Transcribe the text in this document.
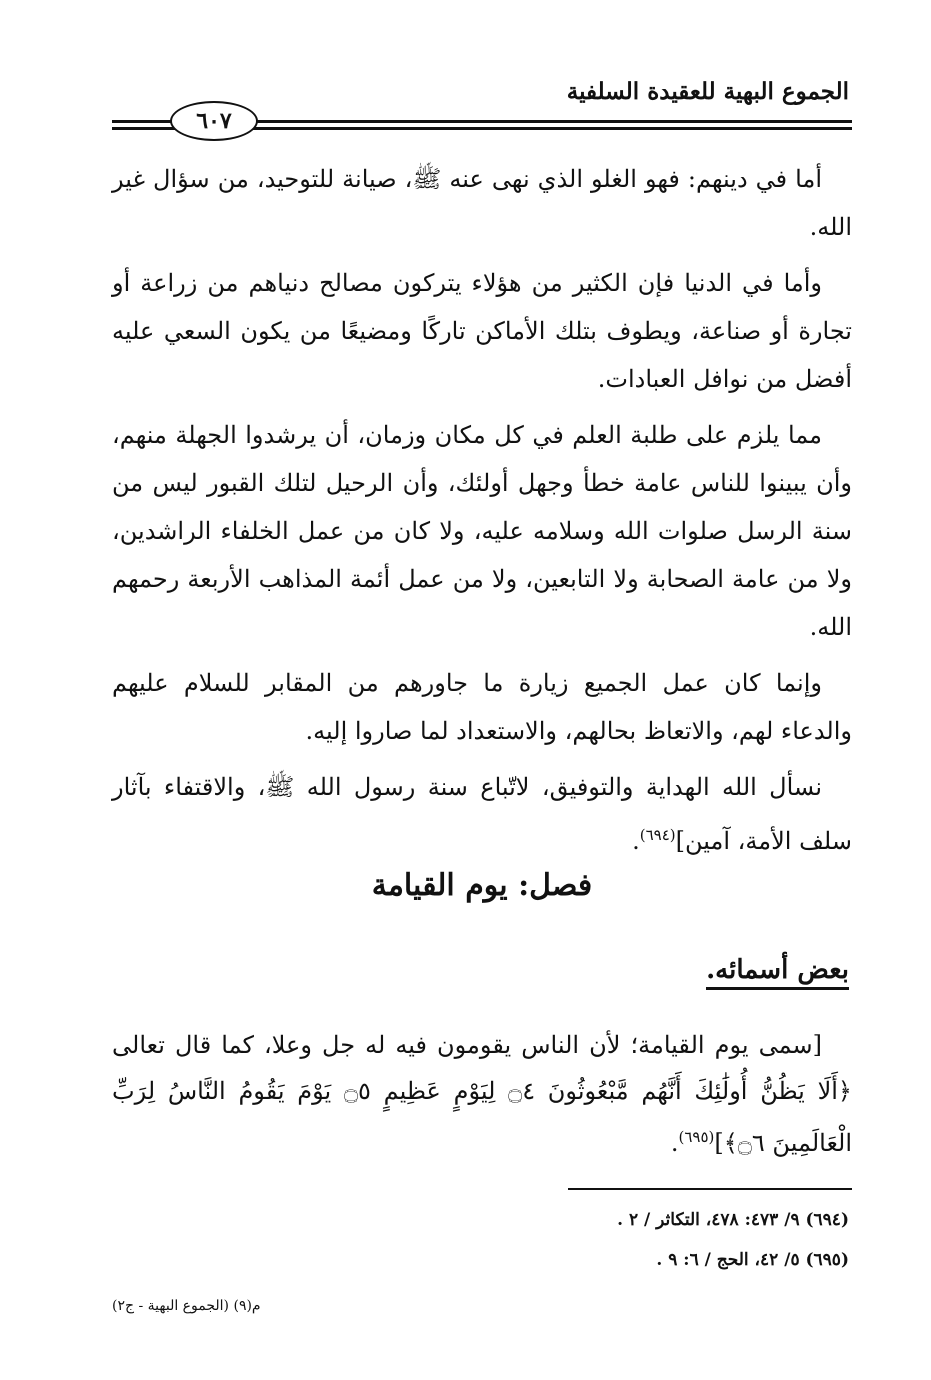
الجموع البهية للعقيدة السلفية
٦٠٧

أما في دينهم: فهو الغلو الذي نهى عنه ﷺ، صيانة للتوحيد، من سؤال غير الله.

وأما في الدنيا فإن الكثير من هؤلاء يتركون مصالح دنياهم من زراعة أو تجارة أو صناعة، ويطوف بتلك الأماكن تاركًا ومضيعًا من يكون السعي عليه أفضل من نوافل العبادات.

مما يلزم على طلبة العلم في كل مكان وزمان، أن يرشدوا الجهلة منهم، وأن يبينوا للناس عامة خطأ وجهل أولئك، وأن الرحيل لتلك القبور ليس من سنة الرسل صلوات الله وسلامه عليه، ولا كان من عمل الخلفاء الراشدين، ولا من عامة الصحابة ولا التابعين، ولا من عمل أئمة المذاهب الأربعة رحمهم الله.

وإنما كان عمل الجميع زيارة ما جاورهم من المقابر للسلام عليهم والدعاء لهم، والاتعاظ بحالهم، والاستعداد لما صاروا إليه.

نسأل الله الهداية والتوفيق، لاتّباع سنة رسول الله ﷺ، والاقتفاء بآثار سلف الأمة، آمين]$^{(٦٩٤)}$.

فصل: يوم القيامة
بعض أسمائه.

[سمى يوم القيامة؛ لأن الناس يقومون فيه له جل وعلا، كما قال تعالى ﴿أَلَا يَظُنُّ أُولَٰئِكَ أَنَّهُم مَّبْعُوثُونَ ۝٤ لِيَوْمٍ عَظِيمٍ ۝٥ يَوْمَ يَقُومُ النَّاسُ لِرَبِّ الْعَالَمِينَ ۝٦﴾]$^{(٦٩٥)}$.

(٦٩٤) ٩/ ٤٧٣: ٤٧٨، التكاثر / ٢ .
(٦٩٥) ٥/ ٤٢، الحج / ٦: ٩ .
م(٩) (الجموع البهية - ج٢)
